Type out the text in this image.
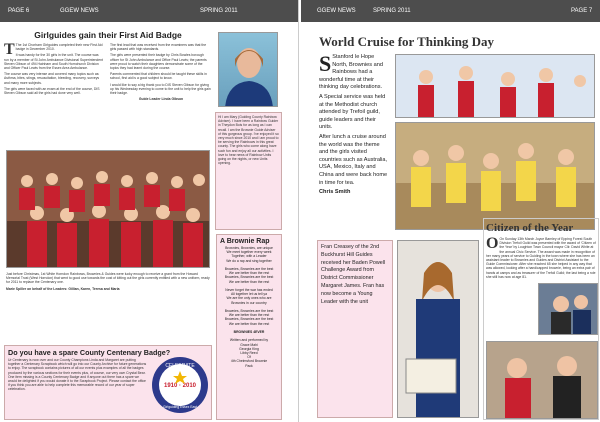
PAGE 6	GGEW NEWS	SPRING 2011
Girlguides gain their First Aid Badge
T The 1st Chorham Girlguides completed their new First Aid badge in December 2010.

It was handy for the 30 girls in the unit. The course was run by a member of St John Ambulance Divisional Superintendent Steven Gibson of 494 Hainham and South Hornchurch Division and Officer Paul Lewis from the Essex Area Ambulance.

The course was very intense and covered many topics such as: Asthma, bites, stings, resuscitation, bleeding, recovery, surveys and many more subjects.

The girls were faced with an exam at the end of the course, DIS Steven Gibson said all the girls had done very well.

The first lead that was received from the examiners was that the girls passed with high standards.

The girls were presented their badge by Chris Bowles borough officer for St John Ambulance and Office Paul Lewis; the parents were proud to watch their daughters demonstrate some of the topics they had learnt during the course.

Parents commented that children should be taught these skills in school, first aid is a good subject to know.

I would like to say a big thank you to DIS Steven Gibson for giving up his Wednesday evening to come to the unit to help the girls gain their badge.

Guide Leader Linda Gibson

Hi I am Mary (Guiding County Rainbow Adviser). I have been a Rainbow Guider in Theydon Bois for as long as I can recall. I am the Brownie Guide Adviser of this gorgeous group. I've enjoyed it so very much since 2010 and I am proud to be serving the Rainbows in this great county. The girls who come along have such fun and enjoy all our activities. I love to hear news of Rainbow Units going on the nights, or new Units opening.

Just before Christmas, 1st White Horndon Rainbows, Brownies & Guides were lucky enough to receive a grant from the Howard Memorial Trust (West Horndon) that went to good use towards the cost of kitting out the girls currently entitled with a new uniform, ready for 2011 to replace the Centenary one.

Marie Spiller on behalf of the Leaders: Gillian, Karen, Teresa and Maria

A Brownie Rap
Brownies, Brownies, are unique
We meet together every week
Together, with a Leader
We do a rap and sing together
Brownies, Brownies are the best
We are better than the rest
Brownies, Brownies are the best
We are better than the rest
Never forget the war has ended
All together let us tell ya
We are the only ones who are
Brownies in our country
Brownies, Brownies are the best
We are better than the rest
Brownies, Brownies are the best
We are better than the rest
BROWNIES 4EVER
Written and performed by
Grace Mahi
Georgia King
Libby Reed
Of
4th Chelmsford Brownie
Pack
Do you have a spare County Centenary Badge?
Ur Centenary is now over and our County Champions Linda and Margaret are putting together a Centenary Scrapbook which will go into our County Archive for future generations to enjoy. The scrapbook contains pictures of all our events plus examples of all the badges produced by the various sections for their events plus, of course, our very own Crystal Bear. One item missing is a County Centenary Badge and if anyone out there has a spare we would be delighted if you would donate it to the Scrapbook Project. Please contact the office if you think you are able to help complete this memorable record of our year of super celebration.
CELEBRATE
1910 · 2010
Girlguiding Essex East
GGEW NEWS	SPRING 2011	PAGE 7
World Cruise for Thinking Day
S Stanford le Hope North, Brownies and Rainbows had a wonderful time at their thinking day celebrations.

A Special service was held at the Methodist church attended by Trefoil guild, guide leaders and their units.

After lunch a cruise around the world was the theme and the girls visited countries such as Australia, USA, Mexico, Italy and China and were back home in time for tea.

Chris Smith

Fran Creasey of the 2nd Buckhurst Hill Guides received her Baden Powell Challenge Award from District Commissioner Margaret James. Fran has now become a Young Leader with the unit
Citizen of the Year
O On Sunday 13th March Joyce Barnley of Epping Forest South Division Trefoil Guild was presented with the award of 'Citizen of the Year' by Loughton Town Council mayor Cllr. David White at the annual Civic Service. The award was made in recognition of her many years of service to Guiding in the town where she has been an assistant leader to Brownies and Guides and District Assistant to the Guide Commissioner. After she reached 65 she helped in any way that was allowed, looking after a handicapped brownie, being an extra pair of hands at camps and as treasurer of the Trefoil Guild; the last being a role she still has now at age 81.
